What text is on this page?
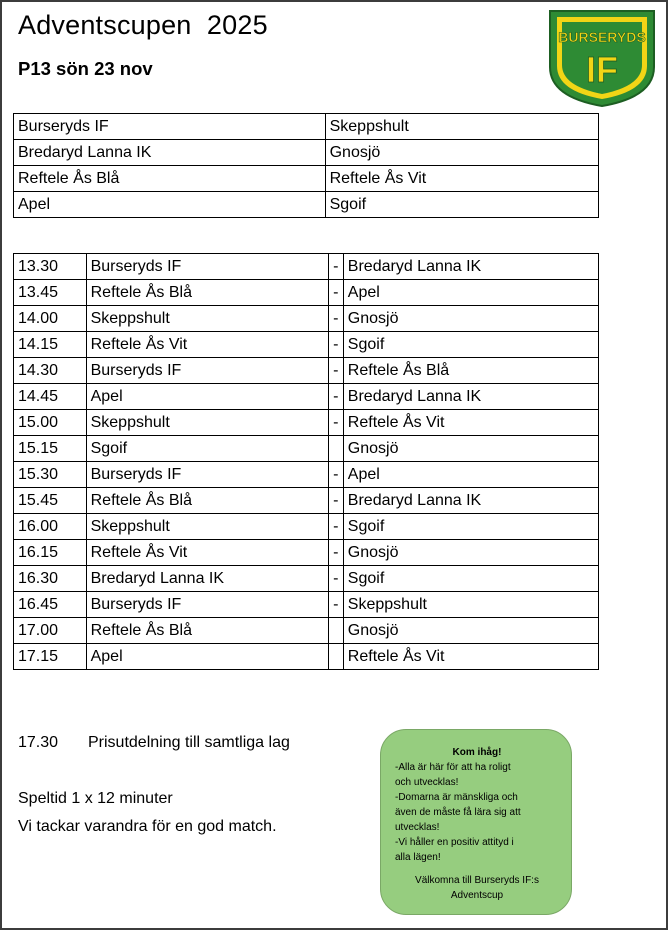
Adventscupen  2025
P13 sön 23 nov
BURSERYDS
IF
Burseryds IF	Skeppshult
Bredaryd Lanna IK	Gnosjö
Reftele Ås Blå	Reftele Ås Vit
Apel	Sgoif
13.30	Burseryds IF	-	Bredaryd Lanna IK
13.45	Reftele Ås Blå	-	Apel
14.00	Skeppshult	-	Gnosjö
14.15	Reftele Ås Vit	-	Sgoif
14.30	Burseryds IF	-	Reftele Ås Blå
14.45	Apel	-	Bredaryd Lanna IK
15.00	Skeppshult	-	Reftele Ås Vit
15.15	Sgoif		Gnosjö
15.30	Burseryds IF	-	Apel
15.45	Reftele Ås Blå	-	Bredaryd Lanna IK
16.00	Skeppshult	-	Sgoif
16.15	Reftele Ås Vit	-	Gnosjö
16.30	Bredaryd Lanna IK	-	Sgoif
16.45	Burseryds IF	-	Skeppshult
17.00	Reftele Ås Blå		Gnosjö
17.15	Apel		Reftele Ås Vit
17.30 Prisutdelning till samtliga lag
Speltid 1 x 12 minuter
Vi tackar varandra för en god match.
Kom ihåg!
-Alla är här för att ha roligt
och utvecklas!
-Domarna är mänskliga och
även de måste få lära sig att
utvecklas!
-Vi håller en positiv attityd i
alla lägen!
Välkomna till Burseryds IF:s
Adventscup
